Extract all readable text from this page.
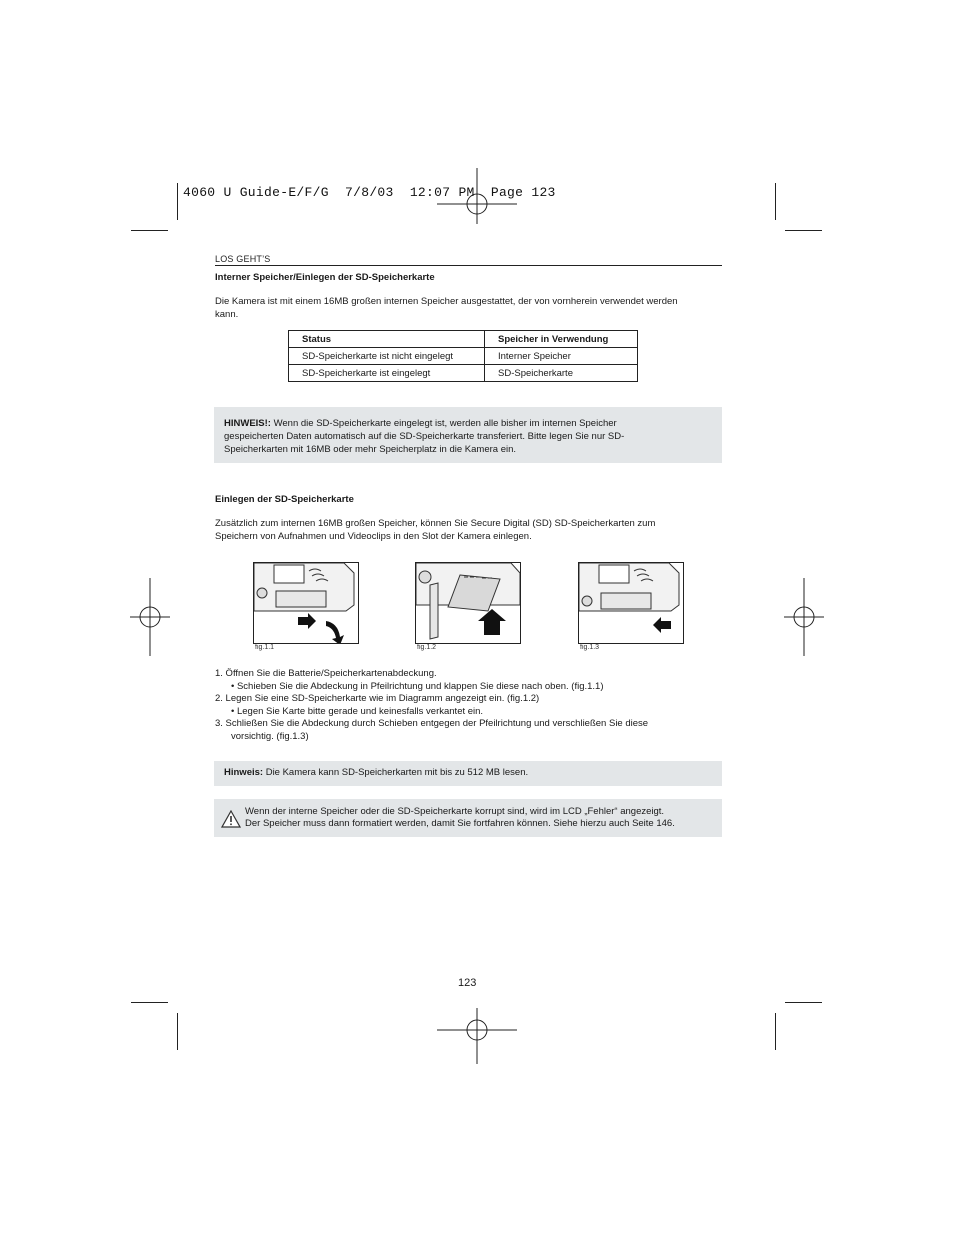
4060 U Guide-E/F/G  7/8/03  12:07 PM  Page 123
LOS GEHT’S
Interner Speicher/Einlegen der SD-Speicherkarte
Die Kamera ist mit einem 16MB großen internen Speicher ausgestattet, der von vornherein verwendet werden
kann.
Status	Speicher in Verwendung
SD-Speicherkarte ist nicht eingelegt	Interner Speicher
SD-Speicherkarte ist eingelegt	SD-Speicherkarte
HINWEIS!: Wenn die SD-Speicherkarte eingelegt ist, werden alle bisher im internen Speicher
gespeicherten Daten automatisch auf die SD-Speicherkarte transferiert. Bitte legen Sie nur SD-
Speicherkarten mit 16MB oder mehr Speicherplatz in die Kamera ein.
Einlegen der SD-Speicherkarte
Zusätzlich zum internen 16MB großen Speicher, können Sie Secure Digital (SD) SD-Speicherkarten zum
Speichern von Aufnahmen und Videoclips in den Slot der Kamera einlegen.
fig.1.1	fig.1.2	fig.1.3
1. Öffnen Sie die Batterie/Speicherkartenabdeckung.
• Schieben Sie die Abdeckung in Pfeilrichtung und klappen Sie diese nach oben. (fig.1.1)
2. Legen Sie eine SD-Speicherkarte wie im Diagramm angezeigt ein. (fig.1.2)
• Legen Sie Karte bitte gerade und keinesfalls verkantet ein.
3. Schließen Sie die Abdeckung durch Schieben entgegen der Pfeilrichtung und verschließen Sie diese
vorsichtig. (fig.1.3)
Hinweis: Die Kamera kann SD-Speicherkarten mit bis zu 512 MB lesen.
Wenn der interne Speicher oder die SD-Speicherkarte korrupt sind, wird im LCD „Fehler“ angezeigt.
Der Speicher muss dann formatiert werden, damit Sie fortfahren können. Siehe hierzu auch Seite 146.
123
